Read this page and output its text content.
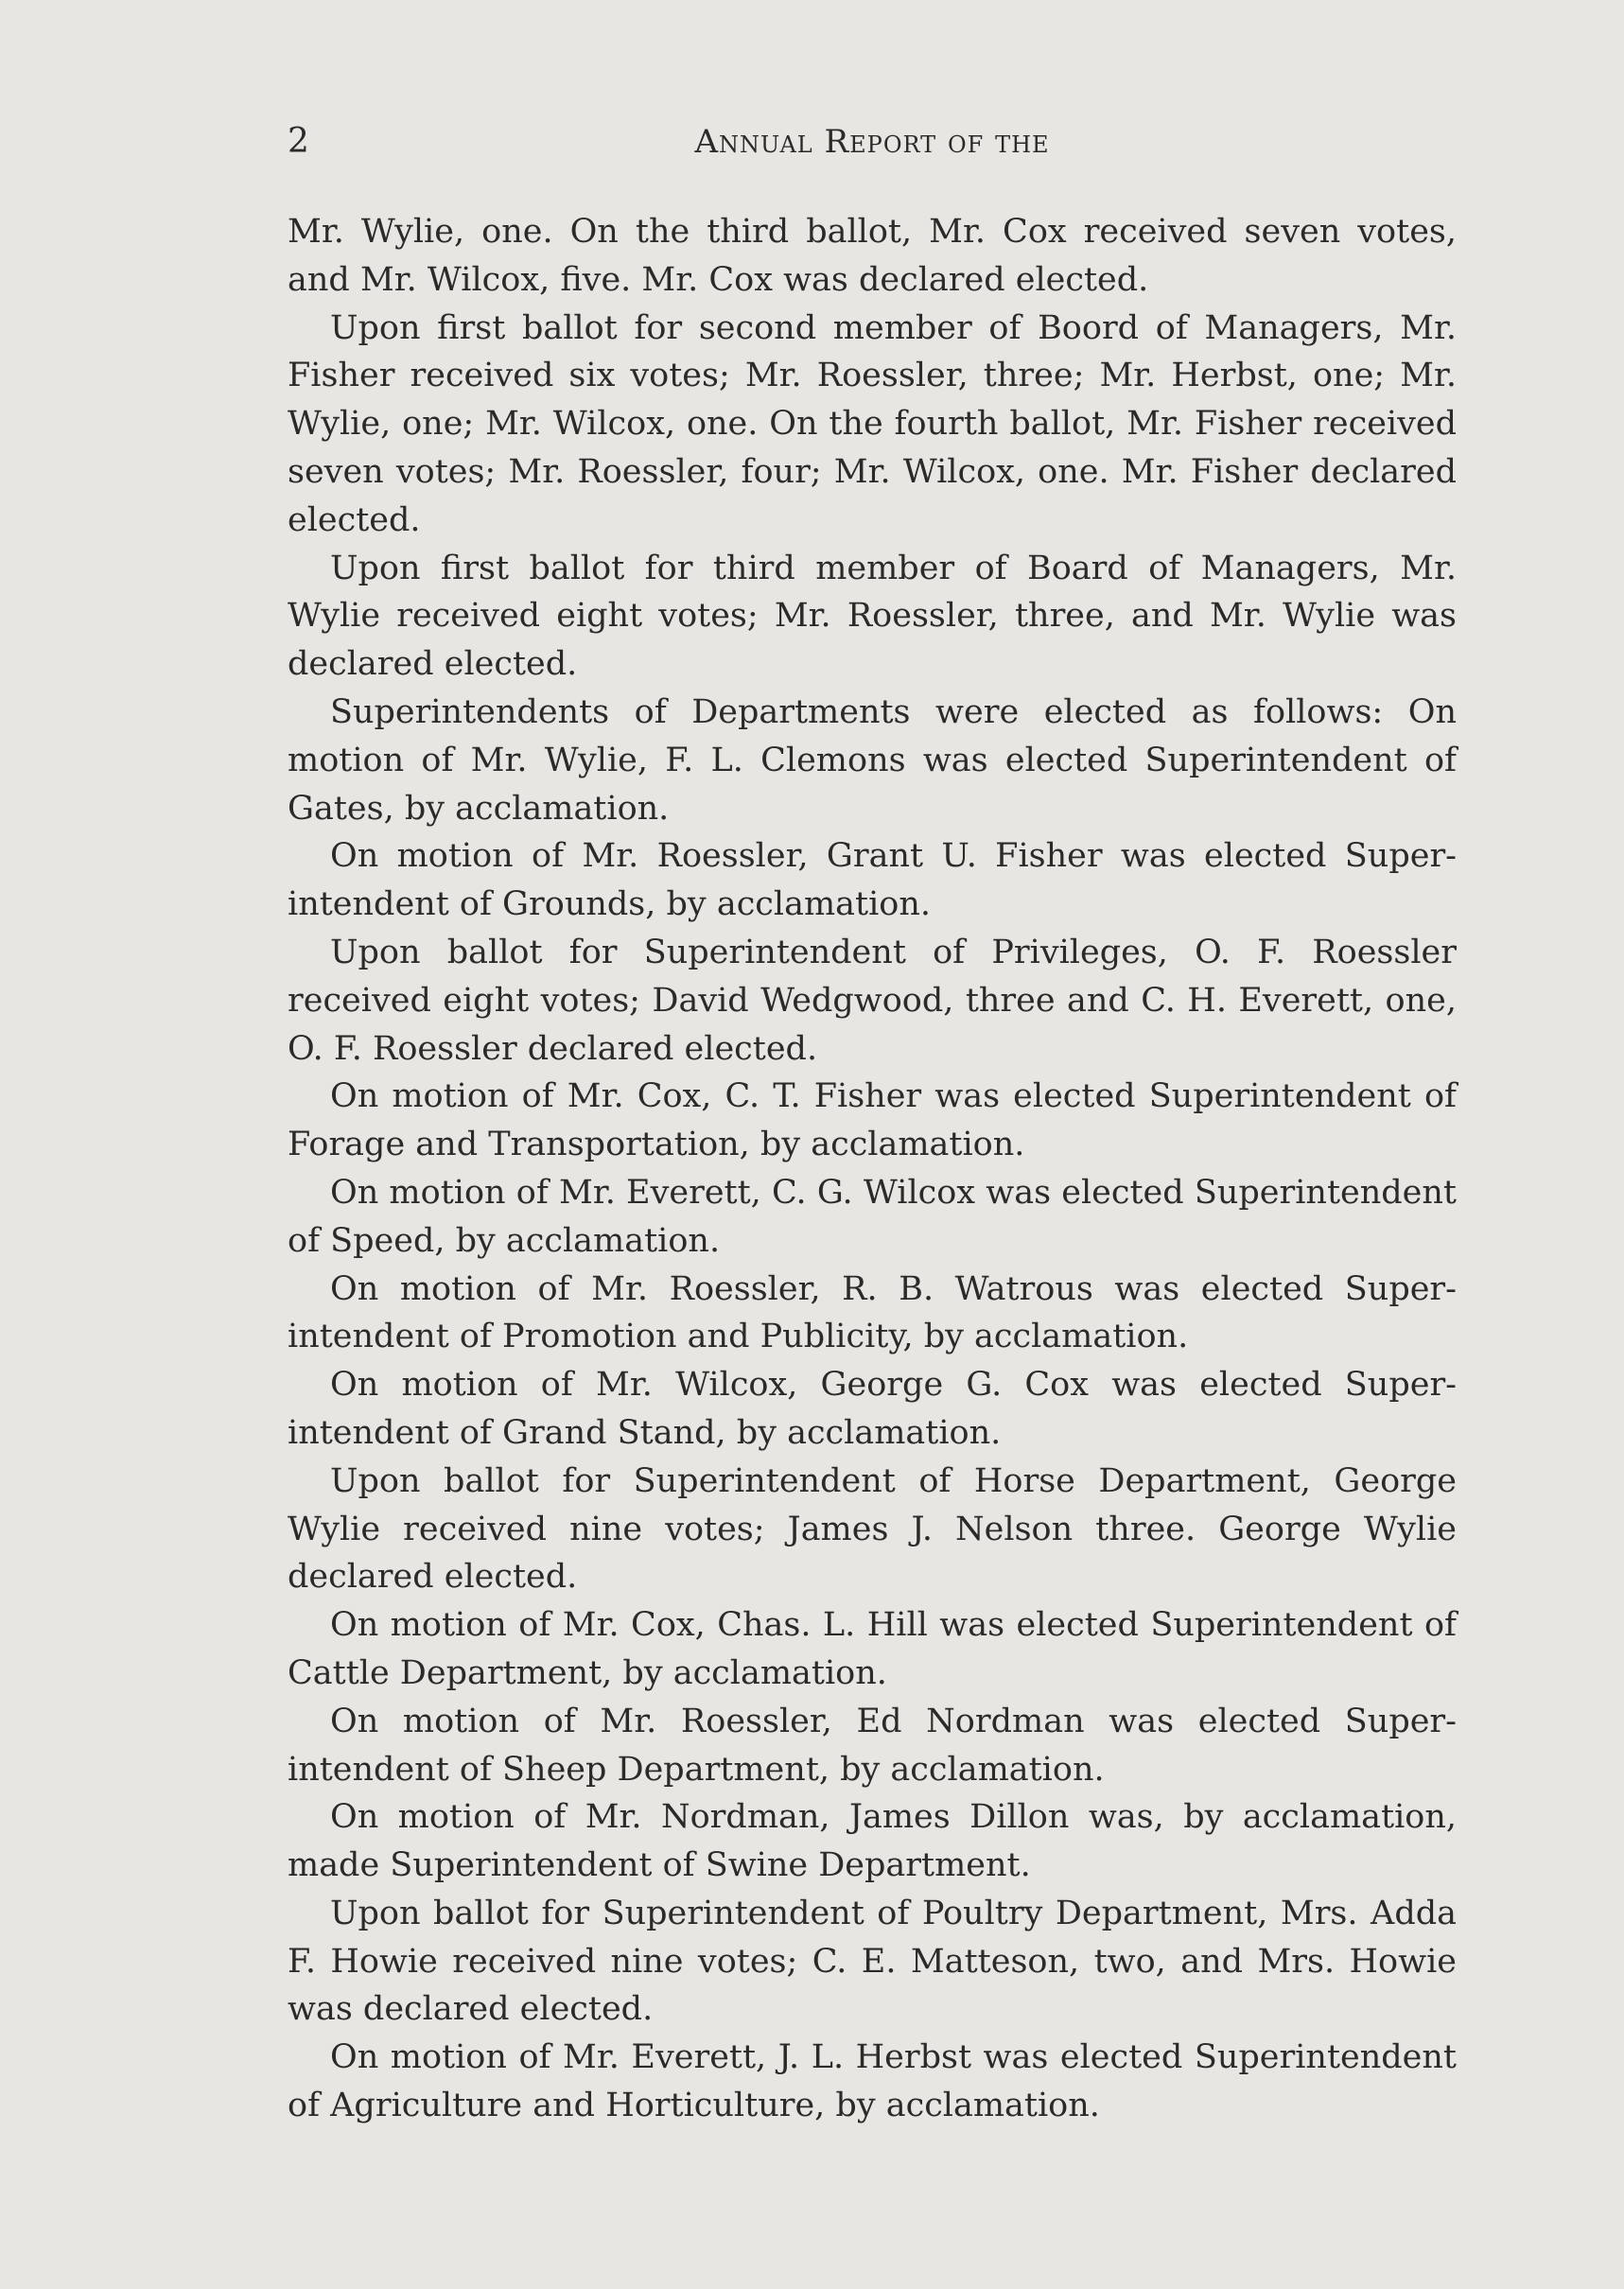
2	Annual Report of the

Mr. Wylie, one. On the third ballot, Mr. Cox received seven votes, and Mr. Wilcox, five. Mr. Cox was declared elected.

Upon first ballot for second member of Boord of Managers, Mr. Fisher received six votes; Mr. Roessler, three; Mr. Herbst, one; Mr. Wylie, one; Mr. Wilcox, one. On the fourth ballot, Mr. Fisher received seven votes; Mr. Roessler, four; Mr. Wilcox, one. Mr. Fisher declared elected.

Upon first ballot for third member of Board of Managers, Mr. Wylie received eight votes; Mr. Roessler, three, and Mr. Wylie was declared elected.

Superintendents of Departments were elected as follows: On motion of Mr. Wylie, F. L. Clemons was elected Superintendent of Gates, by acclamation.

On motion of Mr. Roessler, Grant U. Fisher was elected Superintendent of Grounds, by acclamation.

Upon ballot for Superintendent of Privileges, O. F. Roessler received eight votes; David Wedgwood, three and C. H. Everett, one, O. F. Roessler declared elected.

On motion of Mr. Cox, C. T. Fisher was elected Superintendent of Forage and Transportation, by acclamation.

On motion of Mr. Everett, C. G. Wilcox was elected Superintendent of Speed, by acclamation.

On motion of Mr. Roessler, R. B. Watrous was elected Superintendent of Promotion and Publicity, by acclamation.

On motion of Mr. Wilcox, George G. Cox was elected Superintendent of Grand Stand, by acclamation.

Upon ballot for Superintendent of Horse Department, George Wylie received nine votes; James J. Nelson three. George Wylie declared elected.

On motion of Mr. Cox, Chas. L. Hill was elected Superintendent of Cattle Department, by acclamation.

On motion of Mr. Roessler, Ed Nordman was elected Superintendent of Sheep Department, by acclamation.

On motion of Mr. Nordman, James Dillon was, by acclamation, made Superintendent of Swine Department.

Upon ballot for Superintendent of Poultry Department, Mrs. Adda F. Howie received nine votes; C. E. Matteson, two, and Mrs. Howie was declared elected.

On motion of Mr. Everett, J. L. Herbst was elected Superintendent of Agriculture and Horticulture, by acclamation.
